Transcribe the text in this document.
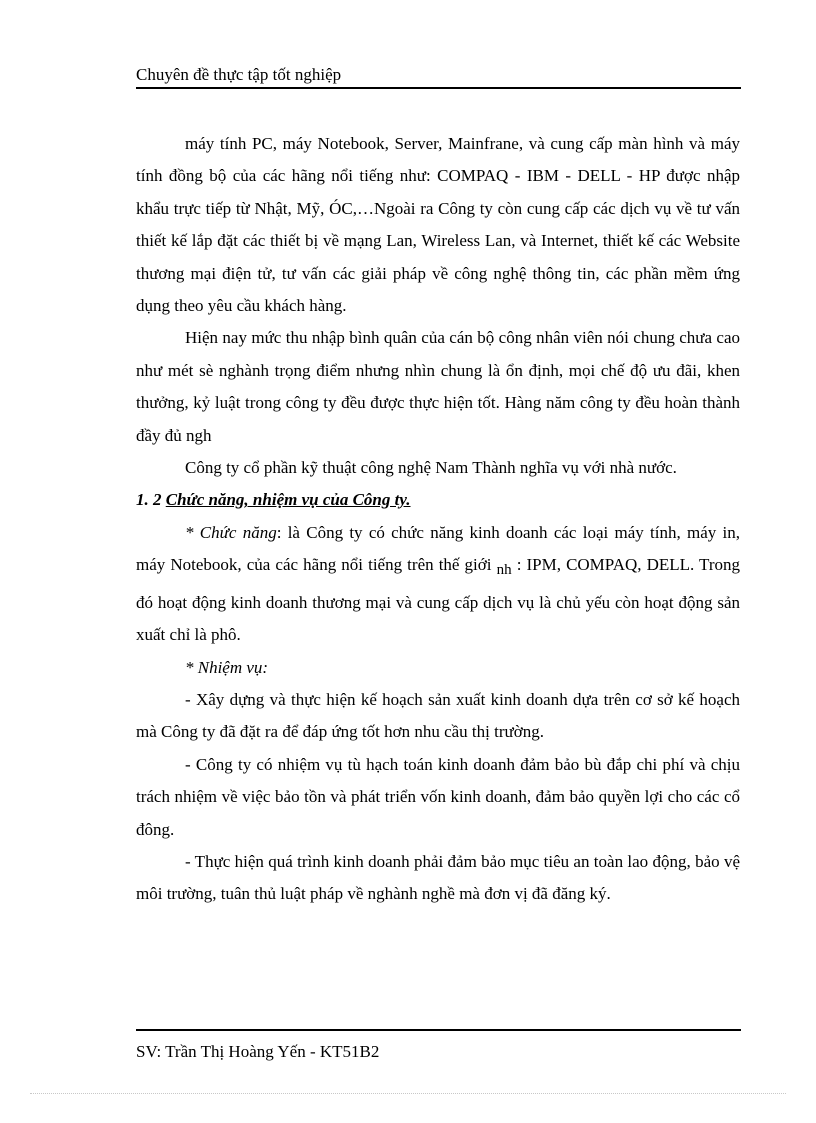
Chuyên đề thực tập tốt nghiệp

máy tính PC, máy Notebook, Server, Mainfrane, và cung cấp màn hình và máy tính đồng bộ của các hãng nổi tiếng như: COMPAQ - IBM - DELL - HP được nhập khẩu trực tiếp từ Nhật, Mỹ, ÓC,…Ngoài ra Công ty còn cung cấp các dịch vụ về tư vấn thiết kế lắp đặt các thiết bị về mạng Lan, Wireless Lan, và Internet, thiết kế các Website thương mại điện tử, tư vấn các giải pháp về công nghệ thông tin, các phần mềm ứng dụng theo yêu cầu khách hàng.

Hiện nay mức thu nhập bình quân của cán bộ công nhân viên nói chung chưa cao như mét sè nghành trọng điểm nhưng nhìn chung là ổn định, mọi chế độ ưu đãi, khen thưởng, kỷ luật trong công ty đều được thực hiện tốt. Hàng năm công ty đều hoàn thành đầy đủ ngh

Công ty cổ phần kỹ thuật công nghệ Nam Thành nghĩa vụ với nhà nước.

1. 2 Chức năng, nhiệm vụ của Công ty.

* Chức năng: là Công ty có chức năng kinh doanh các loại máy tính, máy in, máy Notebook, của các hãng nổi tiếng trên thế giới nh : IPM, COMPAQ, DELL. Trong đó hoạt động kinh doanh thương mại và cung cấp dịch vụ là chủ yếu còn hoạt động sản xuất chỉ là phô.

* Nhiệm vụ:

- Xây dựng và thực hiện kế hoạch sản xuất kinh doanh dựa trên cơ sở kế hoạch mà Công ty đã đặt ra để đáp ứng tốt hơn nhu cầu thị trường.

- Công ty có nhiệm vụ tù hạch toán kinh doanh đảm bảo bù đắp chi phí và chịu trách nhiệm về việc bảo tồn và phát triển vốn kinh doanh, đảm bảo quyền lợi cho các cổ đông.

- Thực hiện quá trình kinh doanh phải đảm bảo mục tiêu an toàn lao động, bảo vệ môi trường, tuân thủ luật pháp về nghành nghề mà đơn vị đã đăng ký.

SV: Trần Thị Hoàng Yến - KT51B2
